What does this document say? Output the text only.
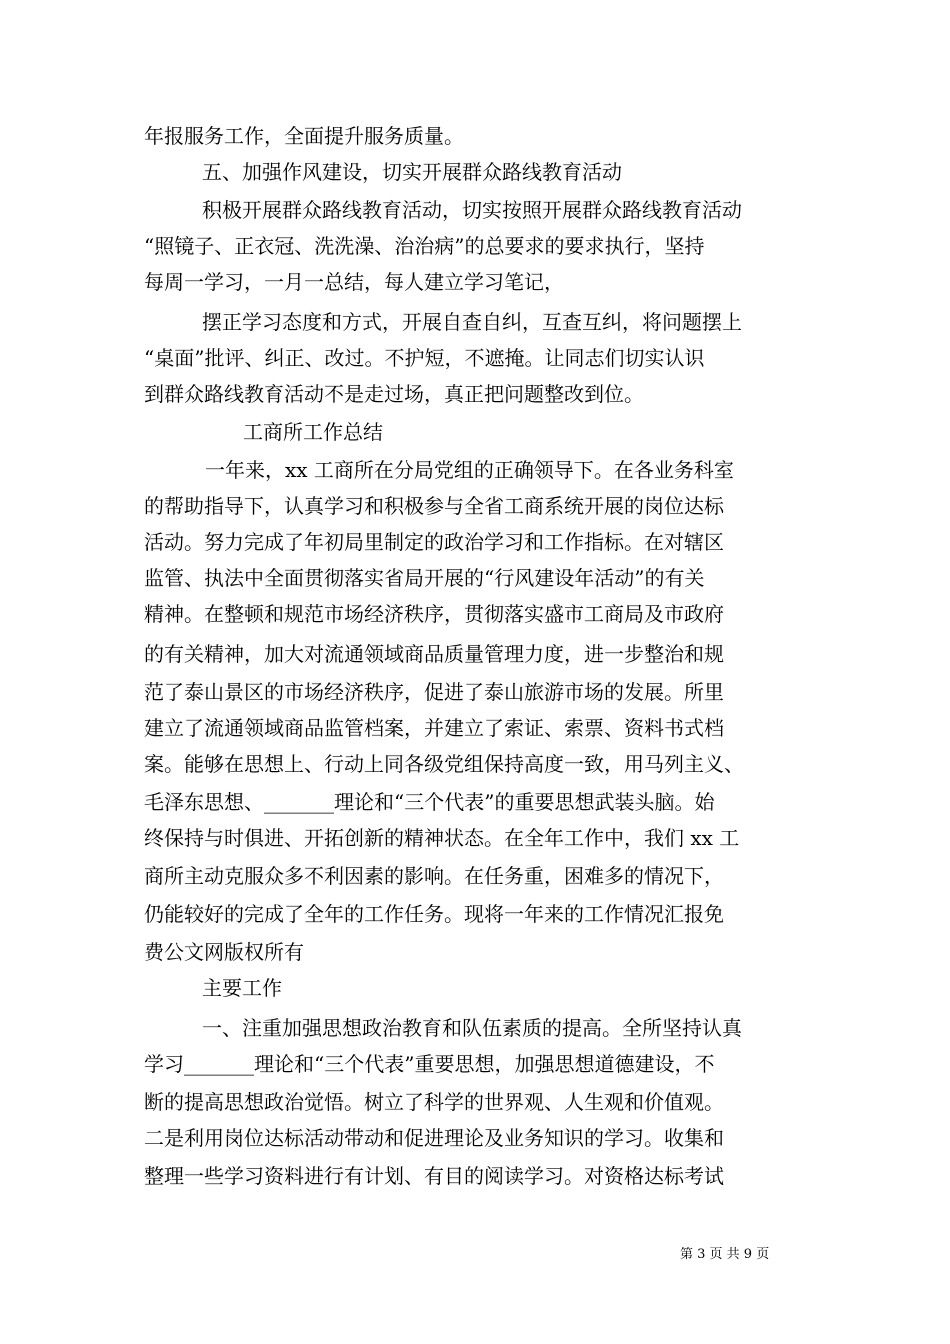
年报服务工作，全面提升服务质量。
五、加强作风建设，切实开展群众路线教育活动
积极开展群众路线教育活动，切实按照开展群众路线教育活动
“照镜子、正衣冠、洗洗澡、治治病”的总要求的要求执行，坚持
每周一学习，一月一总结，每人建立学习笔记，
摆正学习态度和方式，开展自查自纠，互查互纠，将问题摆上
“桌面”批评、纠正、改过。不护短，不遮掩。让同志们切实认识
到群众路线教育活动不是走过场，真正把问题整改到位。
工商所工作总结
一年来，xx 工商所在分局党组的正确领导下。在各业务科室
的帮助指导下，认真学习和积极参与全省工商系统开展的岗位达标
活动。努力完成了年初局里制定的政治学习和工作指标。在对辖区
监管、执法中全面贯彻落实省局开展的“行风建设年活动”的有关
精神。在整顿和规范市场经济秩序，贯彻落实盛市工商局及市政府
的有关精神，加大对流通领域商品质量管理力度，进一步整治和规
范了泰山景区的市场经济秩序，促进了泰山旅游市场的发展。所里
建立了流通领域商品监管档案，并建立了索证、索票、资料书式档
案。能够在思想上、行动上同各级党组保持高度一致，用马列主义、
毛泽东思想、_______理论和“三个代表”的重要思想武装头脑。始
终保持与时俱进、开拓创新的精神状态。在全年工作中，我们 xx 工
商所主动克服众多不利因素的影响。在任务重，困难多的情况下，
仍能较好的完成了全年的工作任务。现将一年来的工作情况汇报免
费公文网版权所有
主要工作
一、注重加强思想政治教育和队伍素质的提高。全所坚持认真
学习_______理论和“三个代表”重要思想，加强思想道德建设，不
断的提高思想政治觉悟。树立了科学的世界观、人生观和价值观。
二是利用岗位达标活动带动和促进理论及业务知识的学习。收集和
整理一些学习资料进行有计划、有目的阅读学习。对资格达标考试
第 3 页 共 9 页
